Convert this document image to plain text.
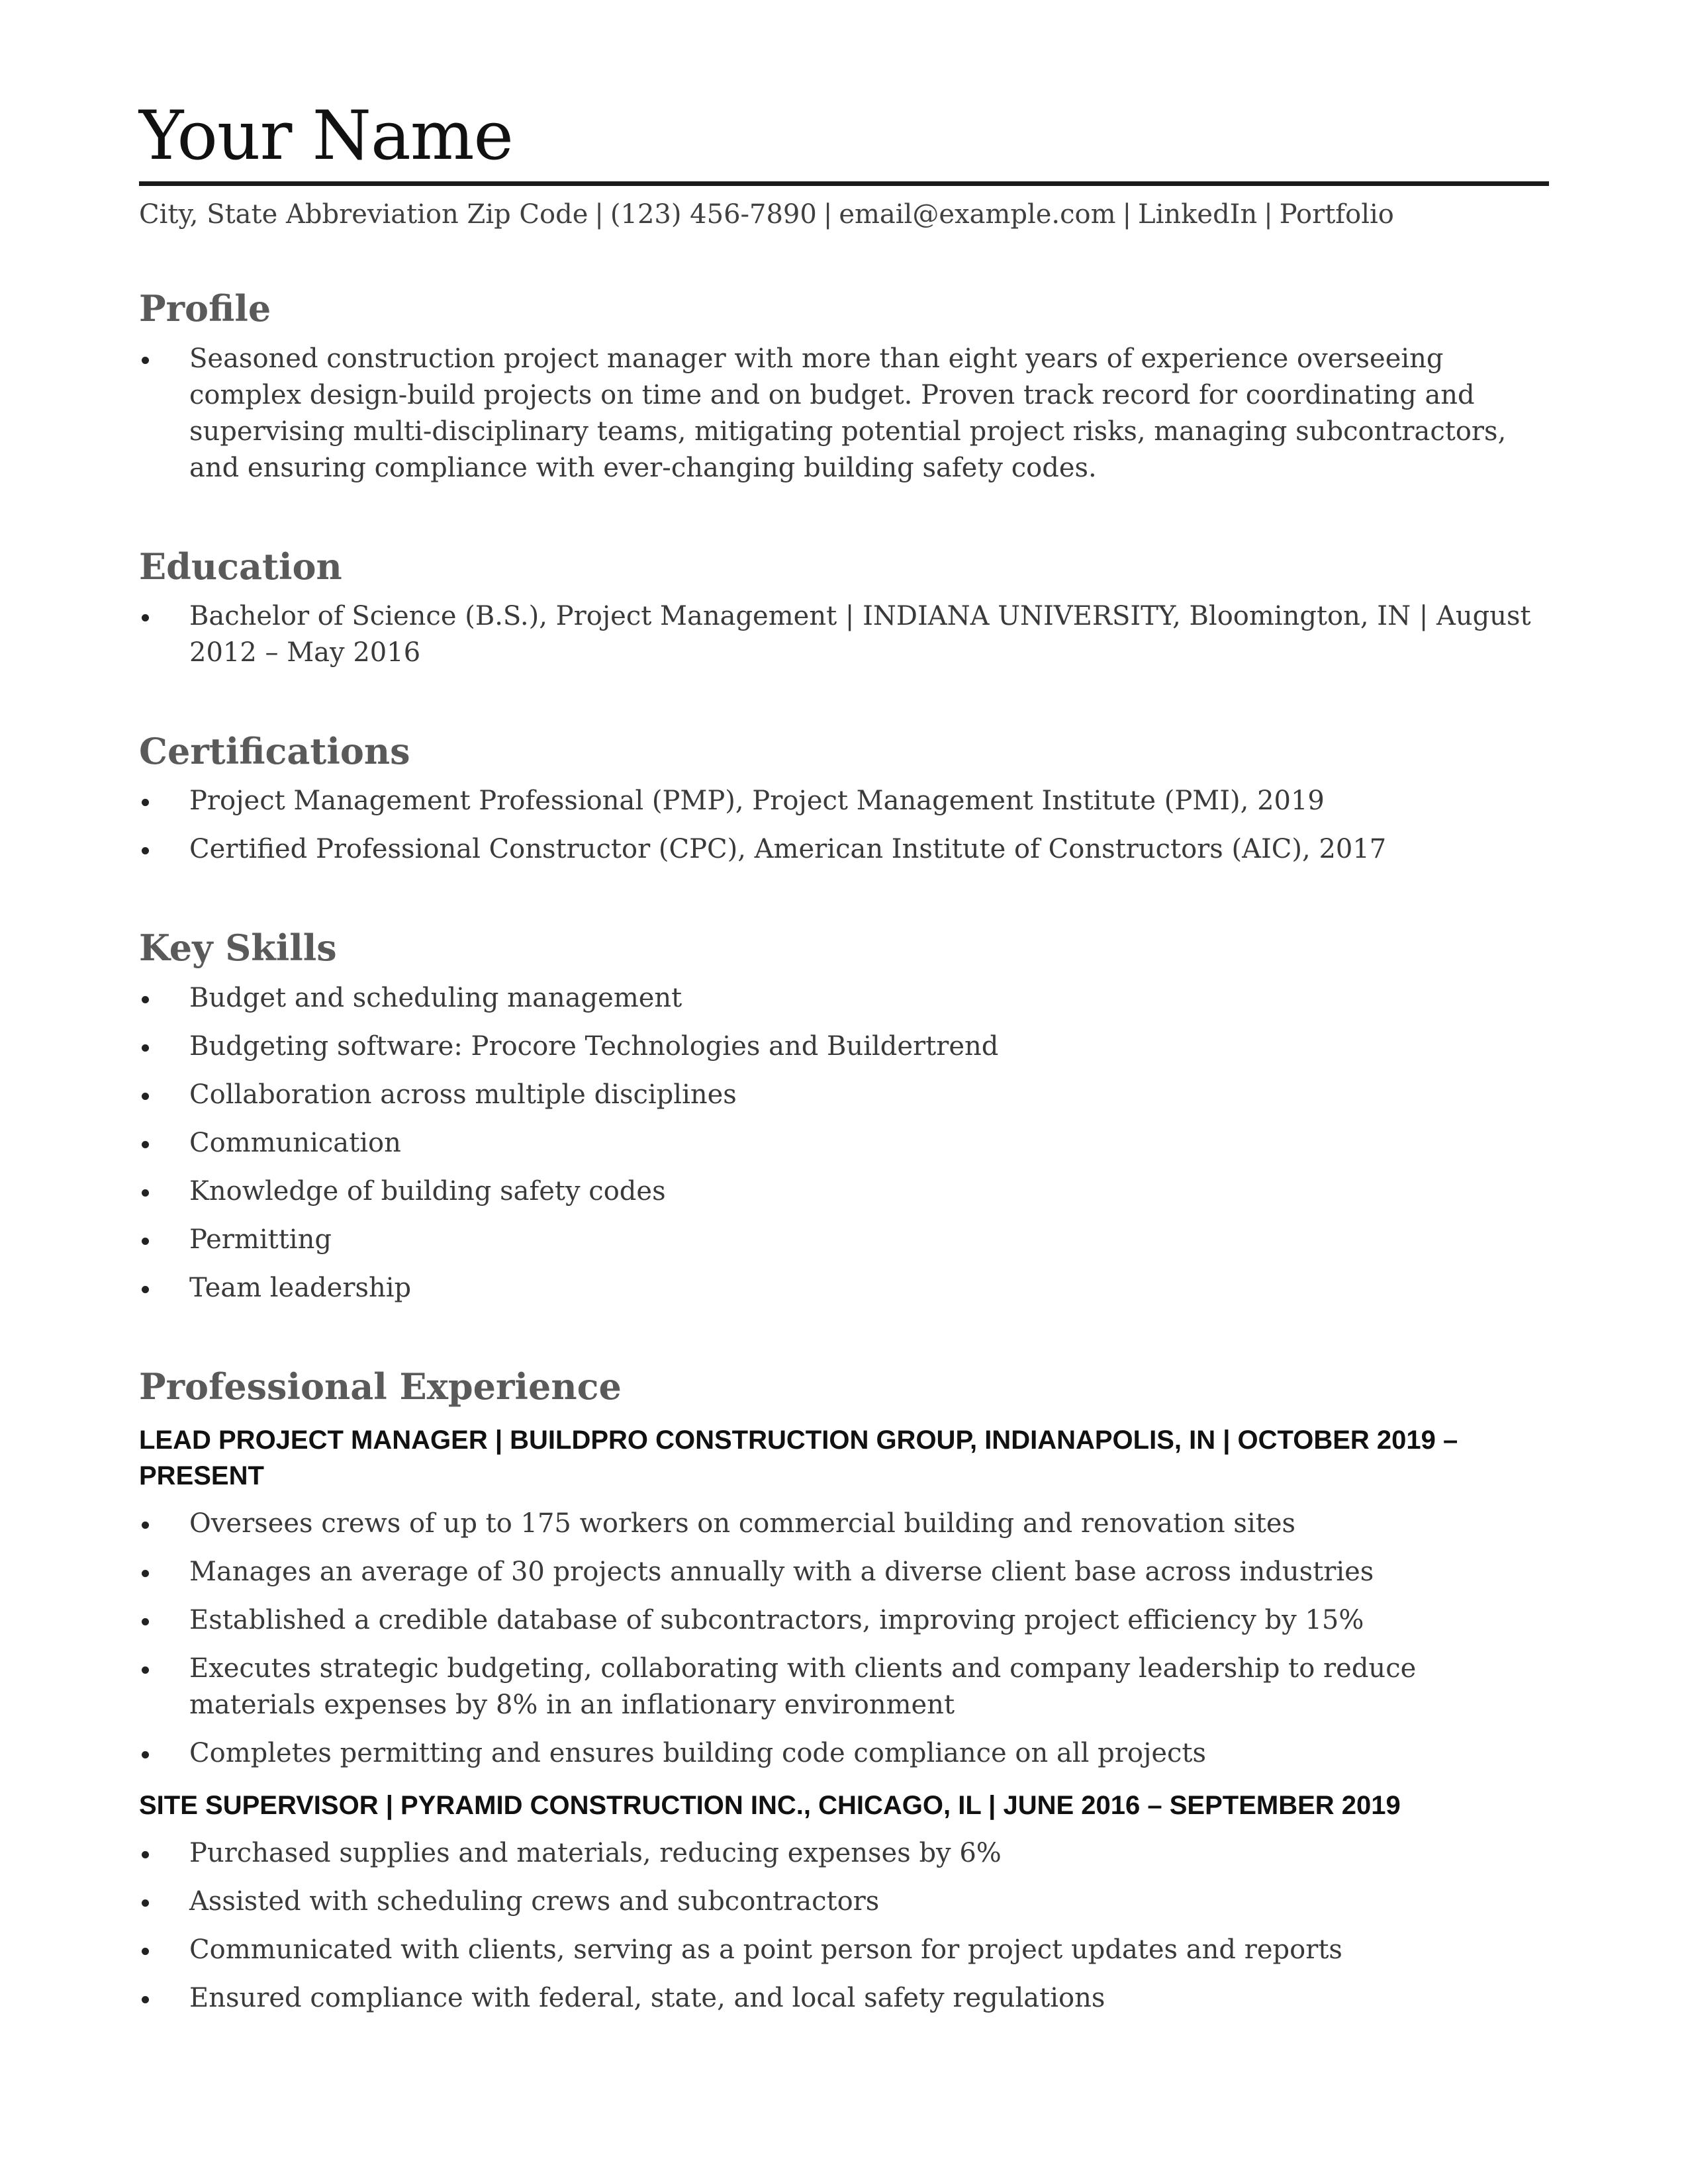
Your Name
City, State Abbreviation Zip Code | (123) 456-7890 | email@example.com | LinkedIn | Portfolio
Profile
Seasoned construction project manager with more than eight years of experience overseeing complex design-build projects on time and on budget. Proven track record for coordinating and supervising multi-disciplinary teams, mitigating potential project risks, managing subcontractors, and ensuring compliance with ever-changing building safety codes.
Education
Bachelor of Science (B.S.), Project Management | INDIANA UNIVERSITY, Bloomington, IN | August 2012 – May 2016
Certifications
Project Management Professional (PMP), Project Management Institute (PMI), 2019
Certified Professional Constructor (CPC), American Institute of Constructors (AIC), 2017
Key Skills
Budget and scheduling management
Budgeting software: Procore Technologies and Buildertrend
Collaboration across multiple disciplines
Communication
Knowledge of building safety codes
Permitting
Team leadership
Professional Experience
LEAD PROJECT MANAGER | BUILDPRO CONSTRUCTION GROUP, INDIANAPOLIS, IN | OCTOBER 2019 – PRESENT
Oversees crews of up to 175 workers on commercial building and renovation sites
Manages an average of 30 projects annually with a diverse client base across industries
Established a credible database of subcontractors, improving project efficiency by 15%
Executes strategic budgeting, collaborating with clients and company leadership to reduce materials expenses by 8% in an inflationary environment
Completes permitting and ensures building code compliance on all projects
SITE SUPERVISOR | PYRAMID CONSTRUCTION INC., CHICAGO, IL | JUNE 2016 – SEPTEMBER 2019
Purchased supplies and materials, reducing expenses by 6%
Assisted with scheduling crews and subcontractors
Communicated with clients, serving as a point person for project updates and reports
Ensured compliance with federal, state, and local safety regulations
